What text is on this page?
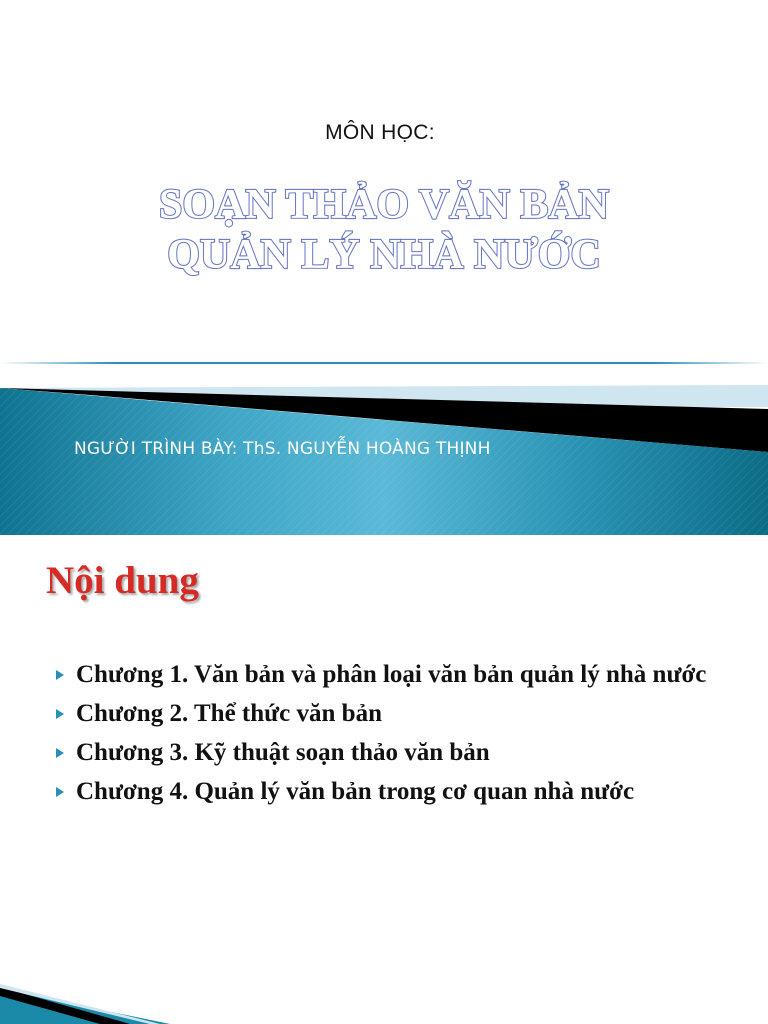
MÔN HỌC:
SOẠN THẢO VĂN BẢN
QUẢN LÝ NHÀ NƯỚC
NGƯỜI TRÌNH BÀY: ThS. NGUYỄN HOÀNG THỊNH
Nội dung
Chương 1. Văn bản và phân loại văn bản quản lý nhà nước
Chương 2. Thể thức văn bản
Chương 3. Kỹ thuật soạn thảo văn bản
Chương 4. Quản lý văn bản trong cơ quan nhà nước
